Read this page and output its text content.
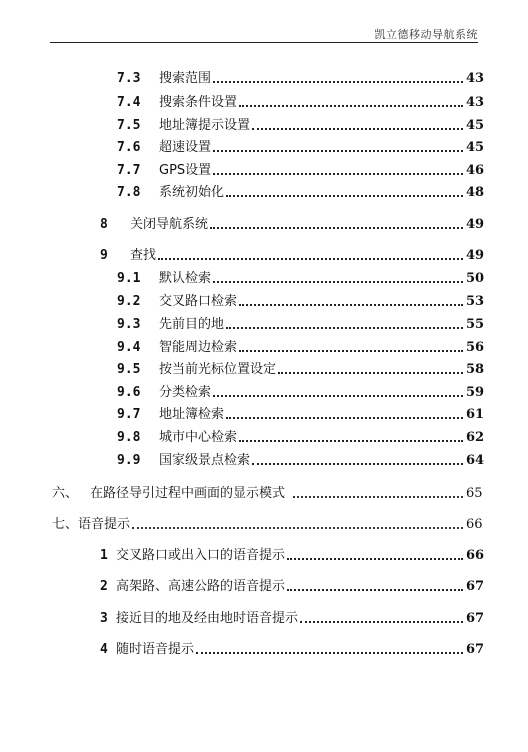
凯立德移动导航系统
7.3	搜索范围	43
7.4	搜索条件设置	43
7.5	地址簿提示设置	45
7.6	超速设置	45
7.7	GPS设置	46
7.8	系统初始化	48
8	关闭导航系统	49
9	查找	49
9.1	默认检索	50
9.2	交叉路口检索	53
9.3	先前目的地	55
9.4	智能周边检索	56
9.5	按当前光标位置设定	58
9.6	分类检索	59
9.7	地址簿检索	61
9.8	城市中心检索	62
9.9	国家级景点检索	64
六、 在路径导引过程中画面的显示模式	65
七、 语音提示	66
1 交叉路口或出入口的语音提示	66
2 高架路、高速公路的语音提示	67
3 接近目的地及经由地时语音提示	67
4 随时语音提示	67
